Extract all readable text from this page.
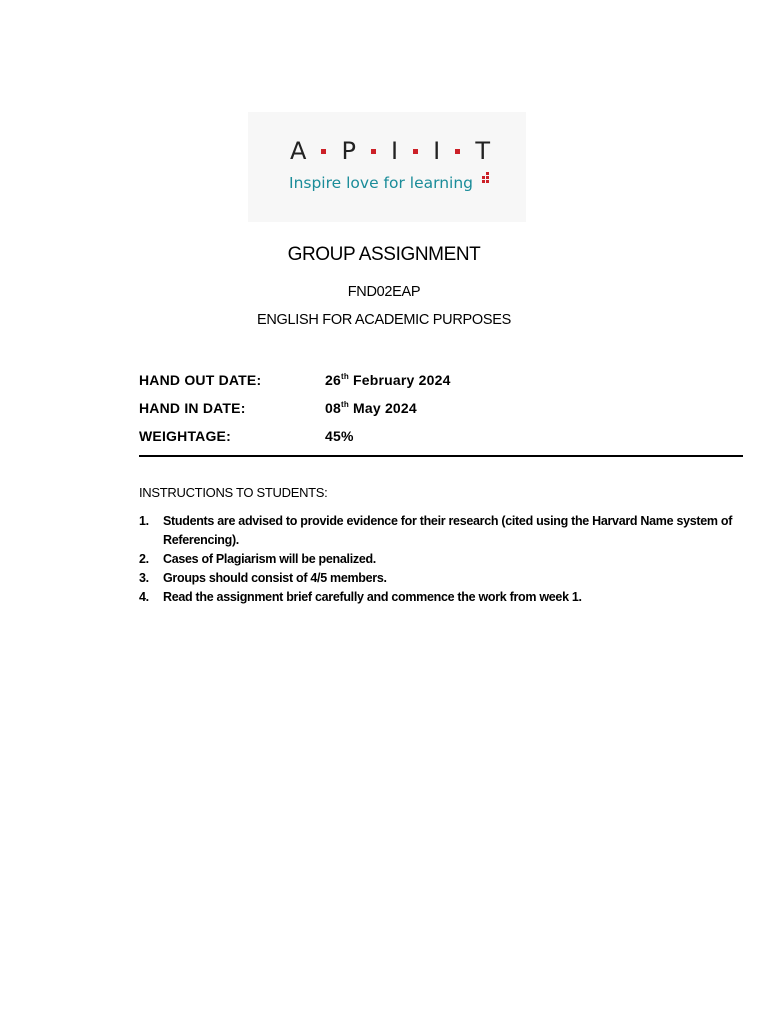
A P I I T
Inspire love for learning
GROUP ASSIGNMENT
FND02EAP
ENGLISH FOR ACADEMIC PURPOSES
HAND OUT DATE:	26th February 2024
HAND IN DATE:	08th May 2024
WEIGHTAGE:	45%
INSTRUCTIONS TO STUDENTS:
1. Students are advised to provide evidence for their research (cited using the Harvard Name system of Referencing).
2. Cases of Plagiarism will be penalized.
3. Groups should consist of 4/5 members.
4. Read the assignment brief carefully and commence the work from week 1.
